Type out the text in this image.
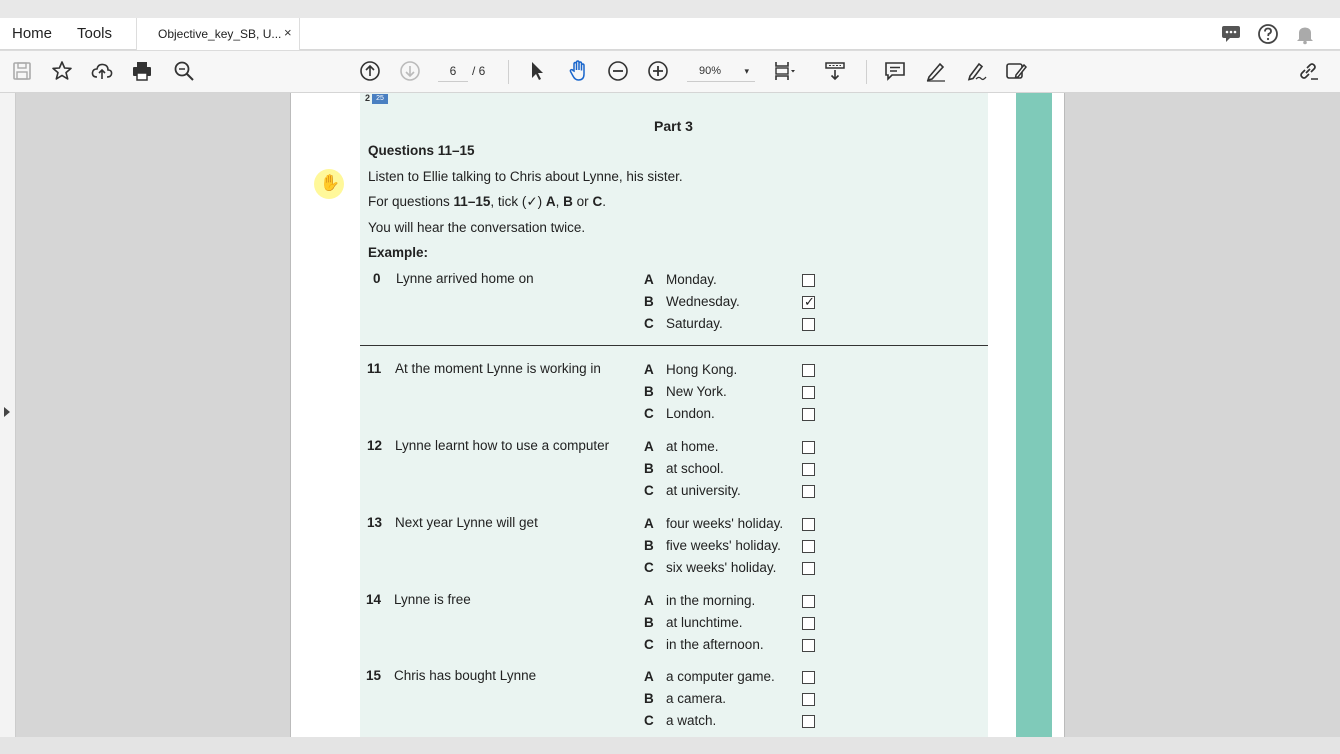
Home Tools	Objective_key_SB, U... ×
6	/ 6	90%	▾
2 25
Part 3
Questions 11–15
Listen to Ellie talking to Chris about Lynne, his sister.
For questions 11–15, tick (✓) A, B or C.
You will hear the conversation twice.
Example:
0 Lynne arrived home on	A Monday.
B Wednesday.	✓
C Saturday.
11 At the moment Lynne is working in	A Hong Kong.
B New York.
C London.
12 Lynne learnt how to use a computer	A at home.
B at school.
C at university.
13 Next year Lynne will get	A four weeks' holiday.
B five weeks' holiday.
C six weeks' holiday.
14 Lynne is free	A in the morning.
B at lunchtime.
C in the afternoon.
15 Chris has bought Lynne	A a computer game.
B a camera.
C a watch.
✋
